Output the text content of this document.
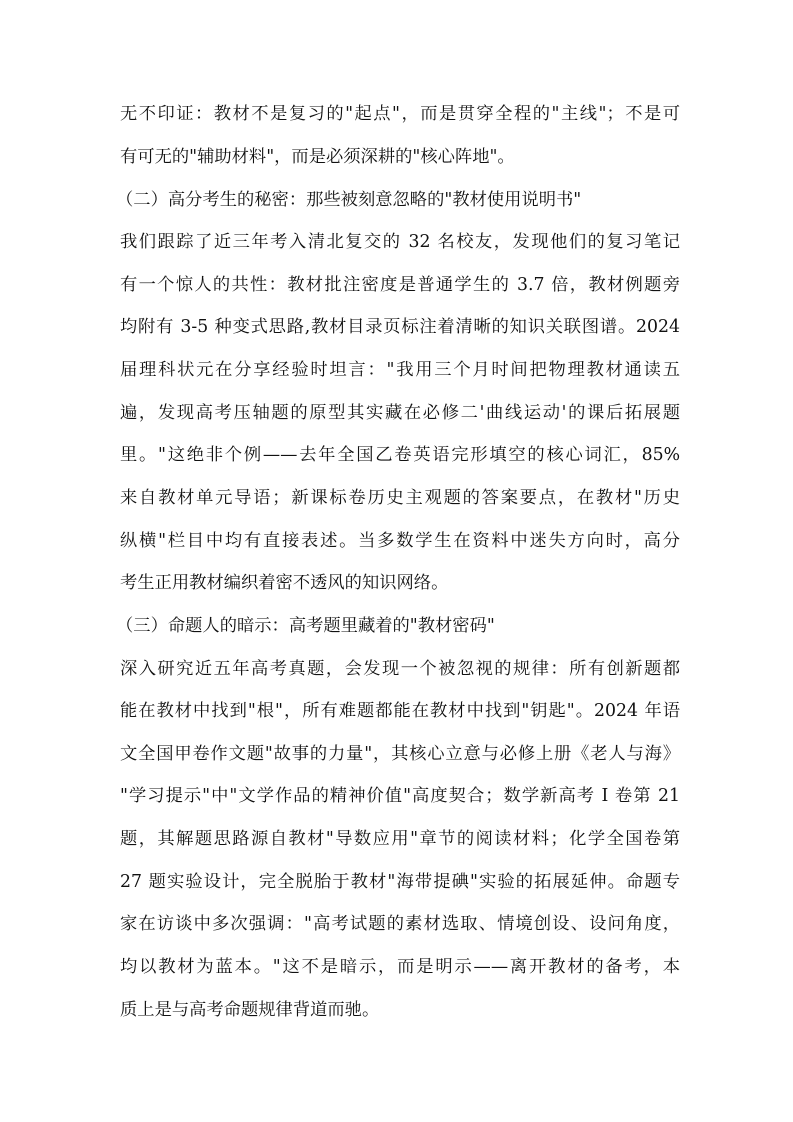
无不印证：教材不是复习的"起点"，而是贯穿全程的"主线"；不是可
有可无的"辅助材料"，而是必须深耕的"核心阵地"。
（二）高分考生的秘密：那些被刻意忽略的"教材使用说明书"
我们跟踪了近三年考入清北复交的 32 名校友，发现他们的复习笔记
有一个惊人的共性：教材批注密度是普通学生的 3.7 倍，教材例题旁
均附有 3-5 种变式思路,教材目录页标注着清晰的知识关联图谱。2024
届理科状元在分享经验时坦言："我用三个月时间把物理教材通读五
遍，发现高考压轴题的原型其实藏在必修二'曲线运动'的课后拓展题
里。"这绝非个例——去年全国乙卷英语完形填空的核心词汇，85%
来自教材单元导语；新课标卷历史主观题的答案要点，在教材"历史
纵横"栏目中均有直接表述。当多数学生在资料中迷失方向时，高分
考生正用教材编织着密不透风的知识网络。
（三）命题人的暗示：高考题里藏着的"教材密码"
深入研究近五年高考真题，会发现一个被忽视的规律：所有创新题都
能在教材中找到"根"，所有难题都能在教材中找到"钥匙"。2024 年语
文全国甲卷作文题"故事的力量"，其核心立意与必修上册《老人与海》
"学习提示"中"文学作品的精神价值"高度契合；数学新高考 I 卷第 21
题，其解题思路源自教材"导数应用"章节的阅读材料；化学全国卷第
27 题实验设计，完全脱胎于教材"海带提碘"实验的拓展延伸。命题专
家在访谈中多次强调："高考试题的素材选取、情境创设、设问角度，
均以教材为蓝本。"这不是暗示，而是明示——离开教材的备考，本
质上是与高考命题规律背道而驰。
